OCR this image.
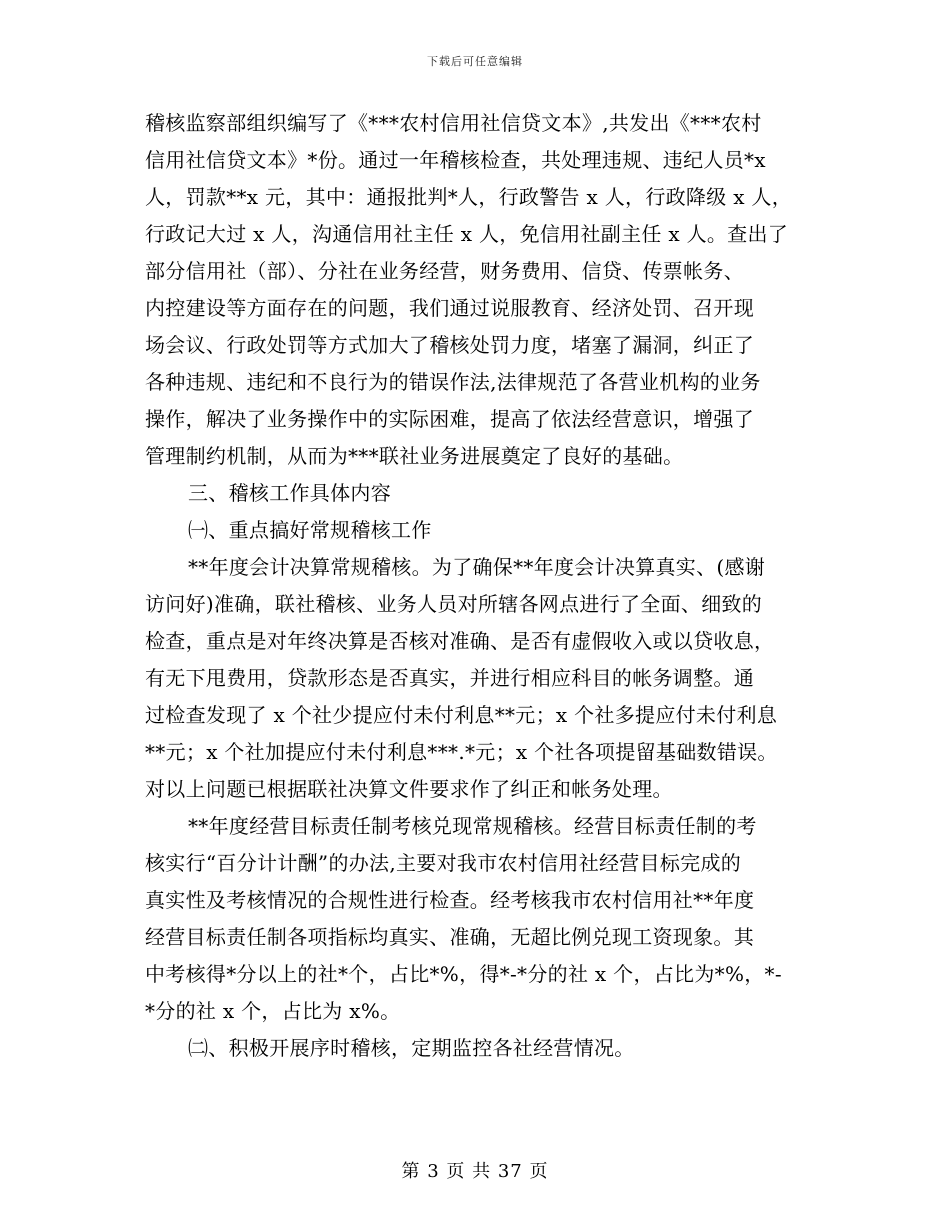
下载后可任意编辑
稽核监察部组织编写了《***农村信用社信贷文本》,共发出《***农村
信用社信贷文本》*份。通过一年稽核检查，共处理违规、违纪人员*x
人，罚款**x 元，其中：通报批判*人，行政警告 x 人，行政降级 x 人，
行政记大过 x 人，沟通信用社主任 x 人，免信用社副主任 x 人。查出了
部分信用社（部）、分社在业务经营，财务费用、信贷、传票帐务、
内控建设等方面存在的问题，我们通过说服教育、经济处罚、召开现
场会议、行政处罚等方式加大了稽核处罚力度，堵塞了漏洞，纠正了
各种违规、违纪和不良行为的错误作法,法律规范了各营业机构的业务
操作，解决了业务操作中的实际困难，提高了依法经营意识，增强了
管理制约机制，从而为***联社业务进展奠定了良好的基础。
三、稽核工作具体内容
㈠、重点搞好常规稽核工作
**年度会计决算常规稽核。为了确保**年度会计决算真实、(感谢
访问好)准确，联社稽核、业务人员对所辖各网点进行了全面、细致的
检查，重点是对年终决算是否核对准确、是否有虚假收入或以贷收息，
有无下甩费用，贷款形态是否真实，并进行相应科目的帐务调整。通
过检查发现了 x 个社少提应付未付利息**元；x 个社多提应付未付利息
**元；x 个社加提应付未付利息***.*元；x 个社各项提留基础数错误。
对以上问题已根据联社决算文件要求作了纠正和帐务处理。
**年度经营目标责任制考核兑现常规稽核。经营目标责任制的考
核实行“百分计计酬”的办法,主要对我市农村信用社经营目标完成的
真实性及考核情况的合规性进行检查。经考核我市农村信用社**年度
经营目标责任制各项指标均真实、准确，无超比例兑现工资现象。其
中考核得*分以上的社*个，占比*%，得*-*分的社 x 个，占比为*%，*-
*分的社 x 个，占比为 x%。
㈡、积极开展序时稽核，定期监控各社经营情况。
第 3 页 共 37 页
